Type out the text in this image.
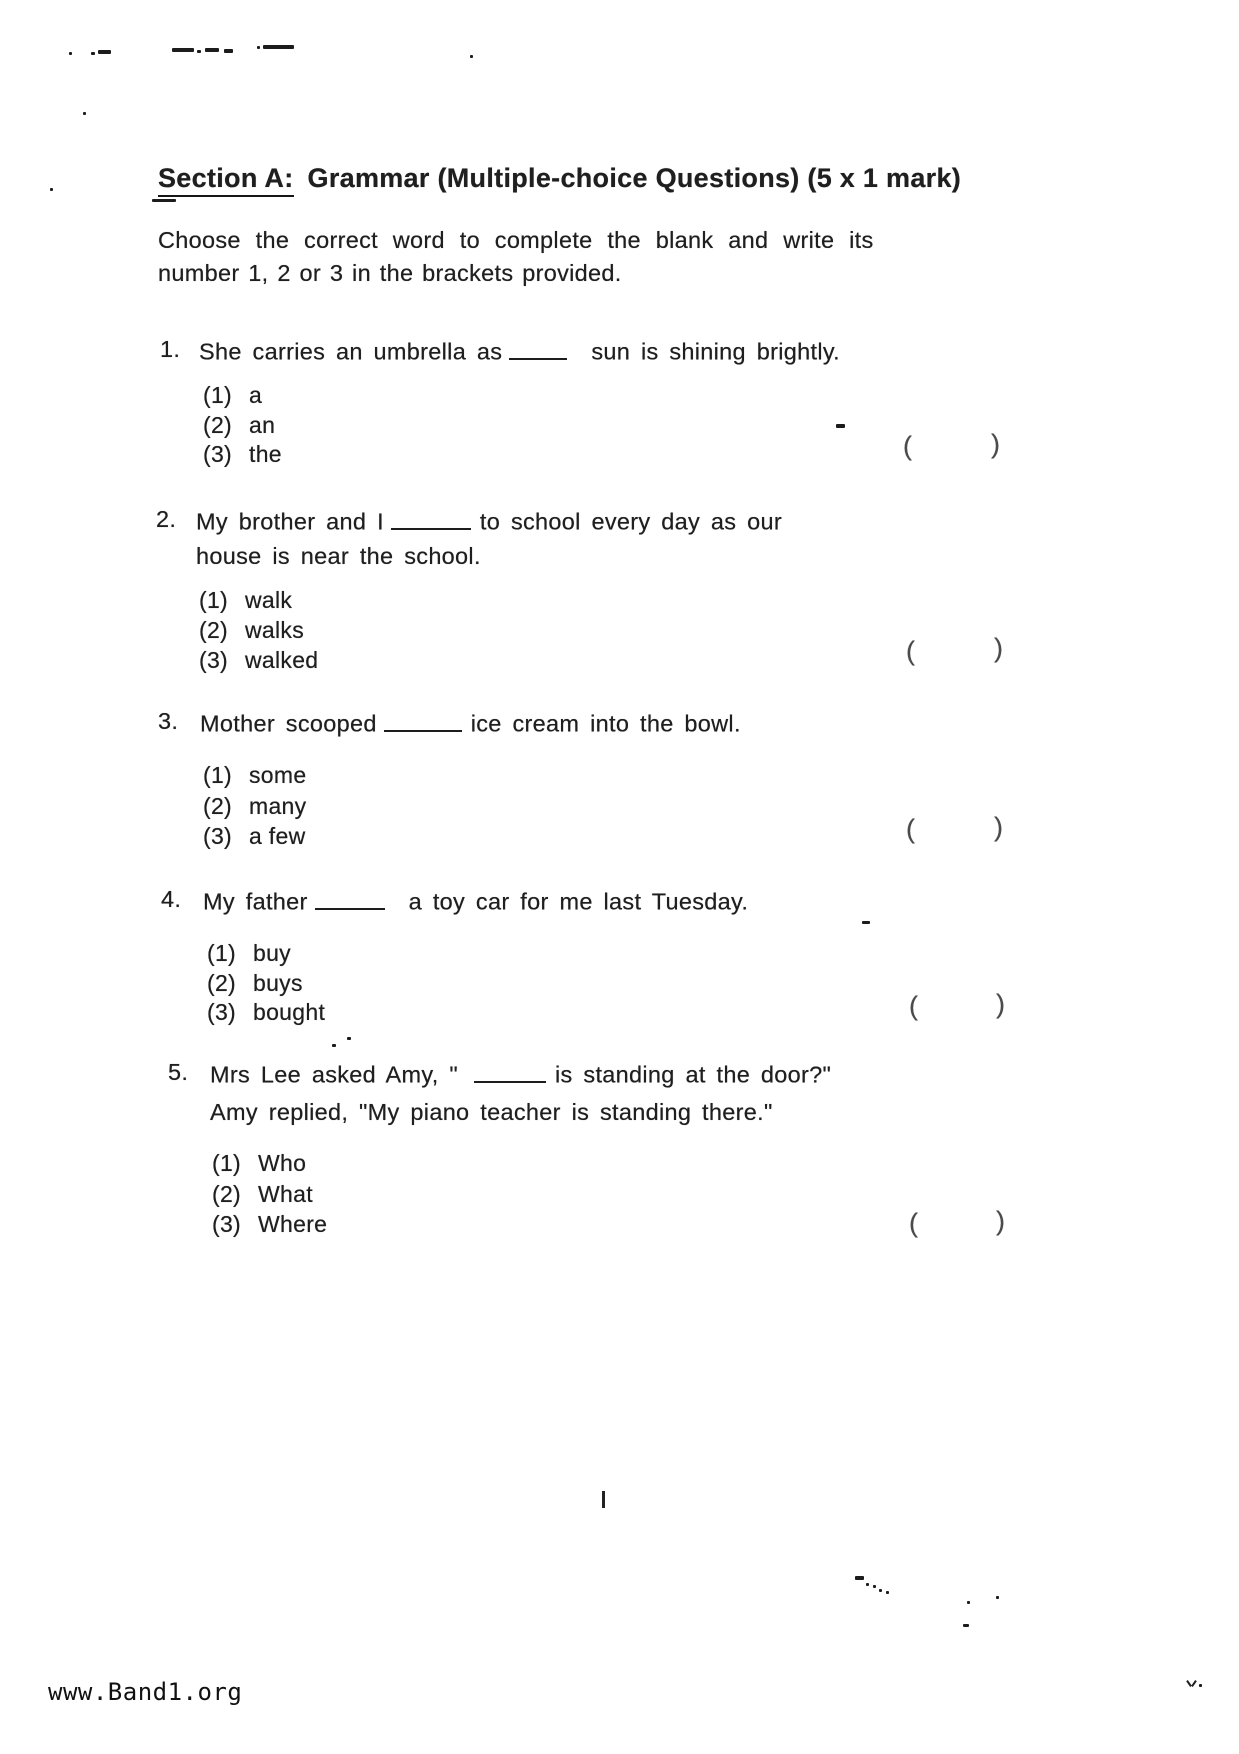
Section A: Grammar (Multiple-choice Questions) (5 x 1 mark)
Choose the correct word to complete the blank and write its
number 1, 2 or 3 in the brackets provided.
1. She carries an umbrella as	sun is shining brightly.
(1) a
(2) an
(3) the	(	)
2. My brother and I	to school every day as our
house is near the school.
(1) walk
(2) walks
(3) walked	(	)
3. Mother scooped	ice cream into the bowl.
(1) some
(2) many
(3) a few	(	)
4. My father	a toy car for me last Tuesday.
(1) buy
(2) buys
(3) bought	(	)
5. Mrs Lee asked Amy, "	is standing at the door?"
Amy replied, "My piano teacher is standing there."
(1) Who
(2) What
(3) Where	(	)
www.Band1.org
